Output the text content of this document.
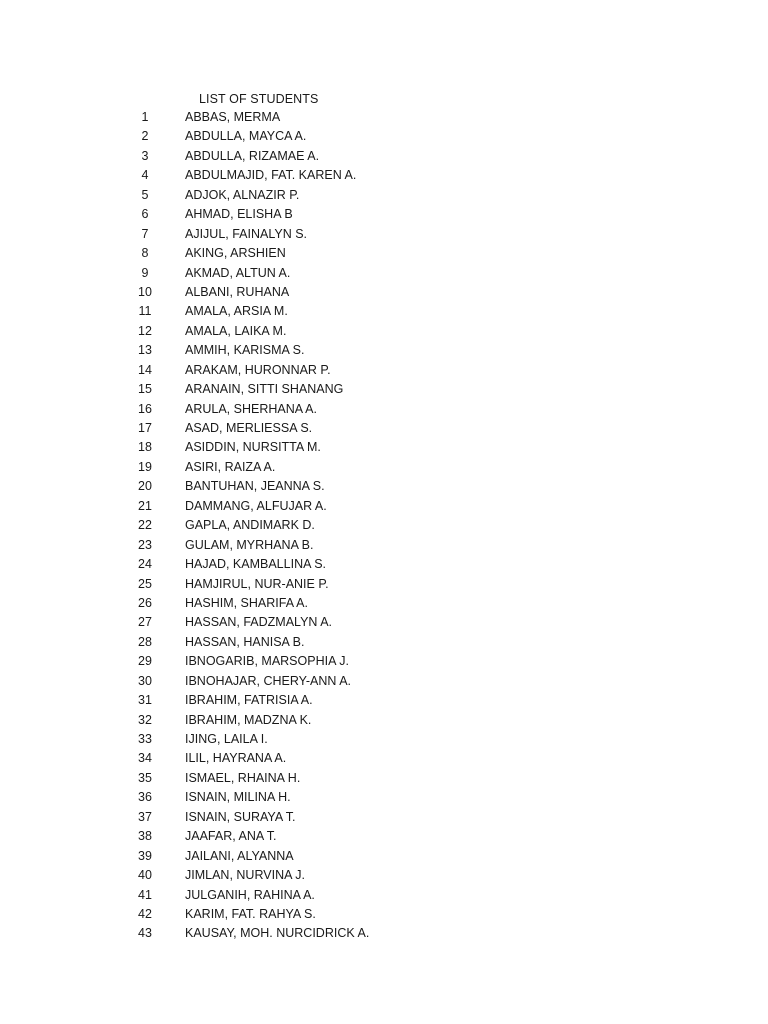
LIST OF STUDENTS
1	ABBAS, MERMA
2	ABDULLA, MAYCA A.
3	ABDULLA, RIZAMAE A.
4	ABDULMAJID, FAT. KAREN A.
5	ADJOK, ALNAZIR P.
6	AHMAD, ELISHA B
7	AJIJUL, FAINALYN S.
8	AKING, ARSHIEN
9	AKMAD, ALTUN A.
10	ALBANI, RUHANA
11	AMALA, ARSIA M.
12	AMALA, LAIKA M.
13	AMMIH, KARISMA S.
14	ARAKAM, HURONNAR P.
15	ARANAIN, SITTI SHANANG
16	ARULA, SHERHANA A.
17	ASAD, MERLIESSA S.
18	ASIDDIN, NURSITTA M.
19	ASIRI, RAIZA A.
20	BANTUHAN, JEANNA S.
21	DAMMANG, ALFUJAR A.
22	GAPLA, ANDIMARK D.
23	GULAM, MYRHANA B.
24	HAJAD, KAMBALLINA S.
25	HAMJIRUL, NUR-ANIE P.
26	HASHIM, SHARIFA A.
27	HASSAN, FADZMALYN A.
28	HASSAN, HANISA B.
29	IBNOGARIB, MARSOPHIA J.
30	IBNOHAJAR, CHERY-ANN A.
31	IBRAHIM, FATRISIA A.
32	IBRAHIM, MADZNA K.
33	IJING, LAILA I.
34	ILIL, HAYRANA A.
35	ISMAEL, RHAINA H.
36	ISNAIN, MILINA H.
37	ISNAIN, SURAYA T.
38	JAAFAR, ANA T.
39	JAILANI, ALYANNA
40	JIMLAN, NURVINA J.
41	JULGANIH, RAHINA A.
42	KARIM, FAT. RAHYA S.
43	KAUSAY, MOH. NURCIDRICK A.
